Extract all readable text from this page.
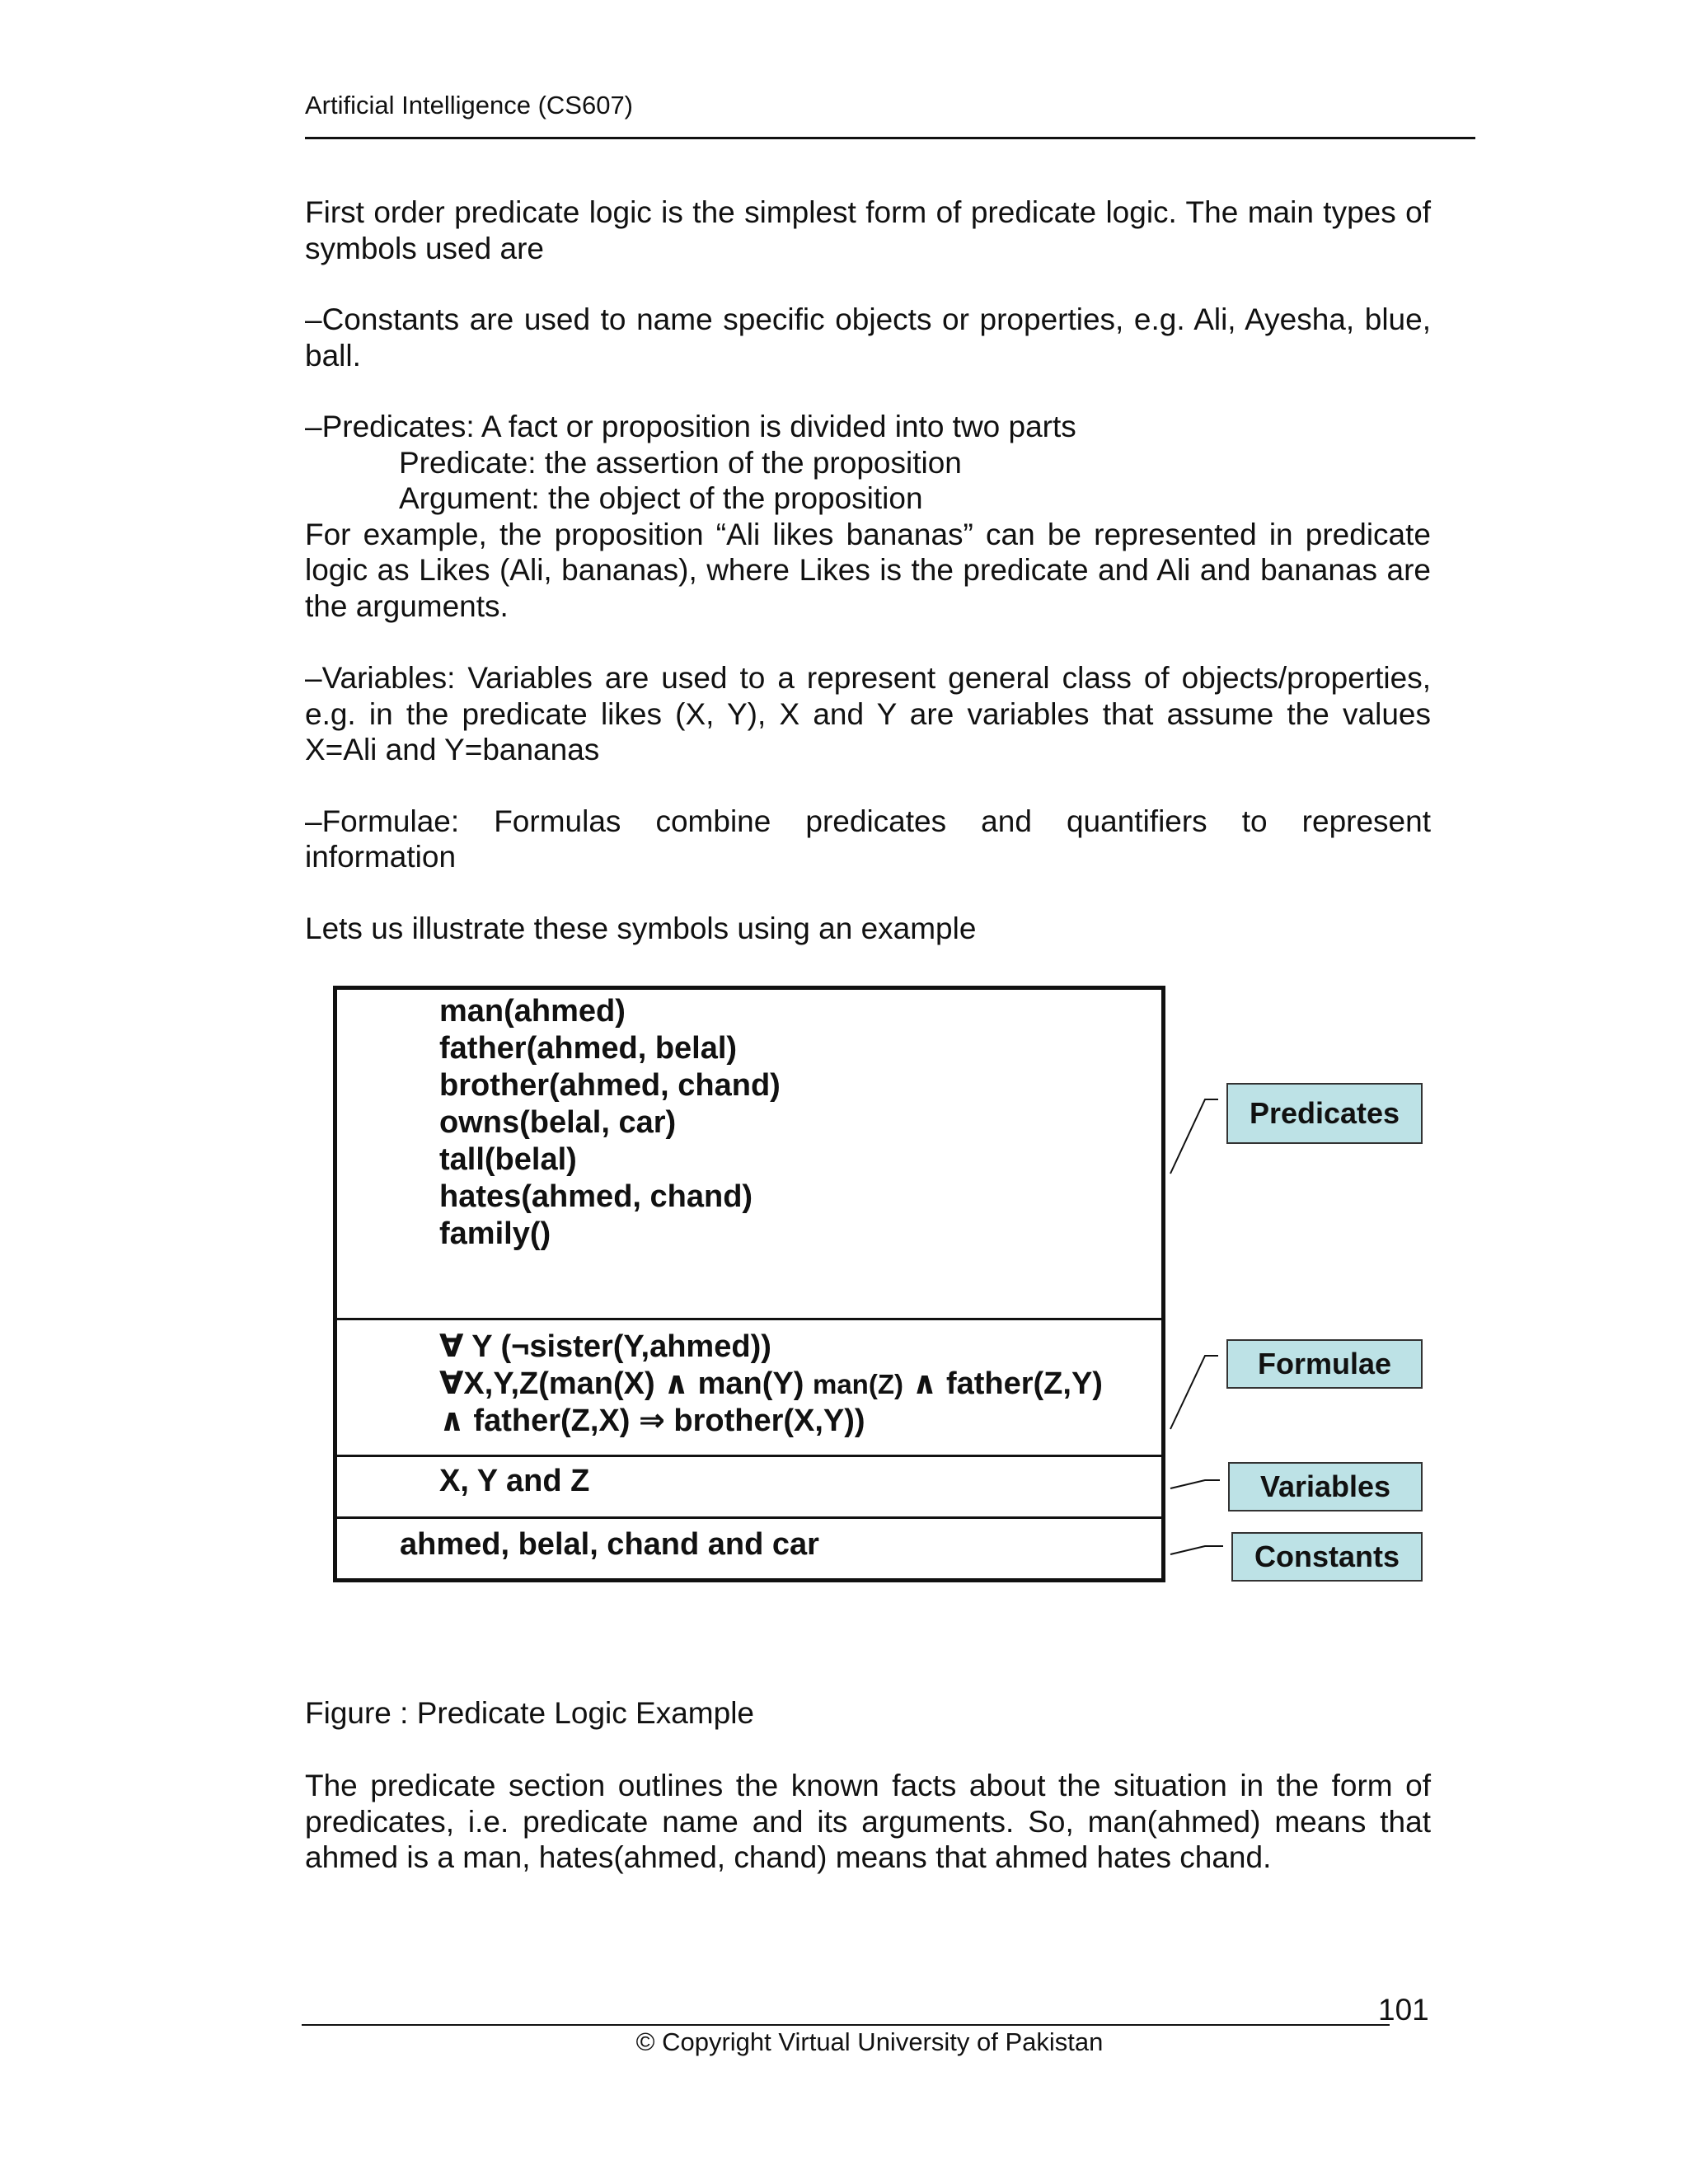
Artificial Intelligence (CS607)
First order predicate logic is the simplest form of predicate logic. The main types of symbols used are
–Constants are used to name specific objects or properties, e.g. Ali, Ayesha, blue, ball.
–Predicates: A fact or proposition is divided into two parts
Predicate: the assertion of the proposition
Argument: the object of the proposition
For example, the proposition “Ali likes bananas” can be represented in predicate logic as Likes (Ali, bananas), where Likes is the predicate and Ali and bananas are the arguments.
–Variables: Variables are used to a represent general class of objects/properties, e.g. in the predicate likes (X, Y), X and Y are variables that assume the values X=Ali and Y=bananas
–Formulae: Formulas combine predicates and quantifiers to represent
information
Lets us illustrate these symbols using an example
man(ahmed)
father(ahmed, belal)
brother(ahmed, chand)
owns(belal, car)
tall(belal)
hates(ahmed, chand)
family()
∀ Y (¬sister(Y,ahmed))
∀X,Y,Z(man(X) ∧ man(Y) man(Z) ∧ father(Z,Y)
∧ father(Z,X) ⇒ brother(X,Y))
X, Y and Z
ahmed, belal, chand and car
Predicates
Formulae
Variables
Constants
Figure : Predicate Logic Example
The predicate section outlines the known facts about the situation in the form of predicates, i.e. predicate name and its arguments. So, man(ahmed) means that ahmed is a man, hates(ahmed, chand) means that ahmed hates chand.
101
© Copyright Virtual University of Pakistan
